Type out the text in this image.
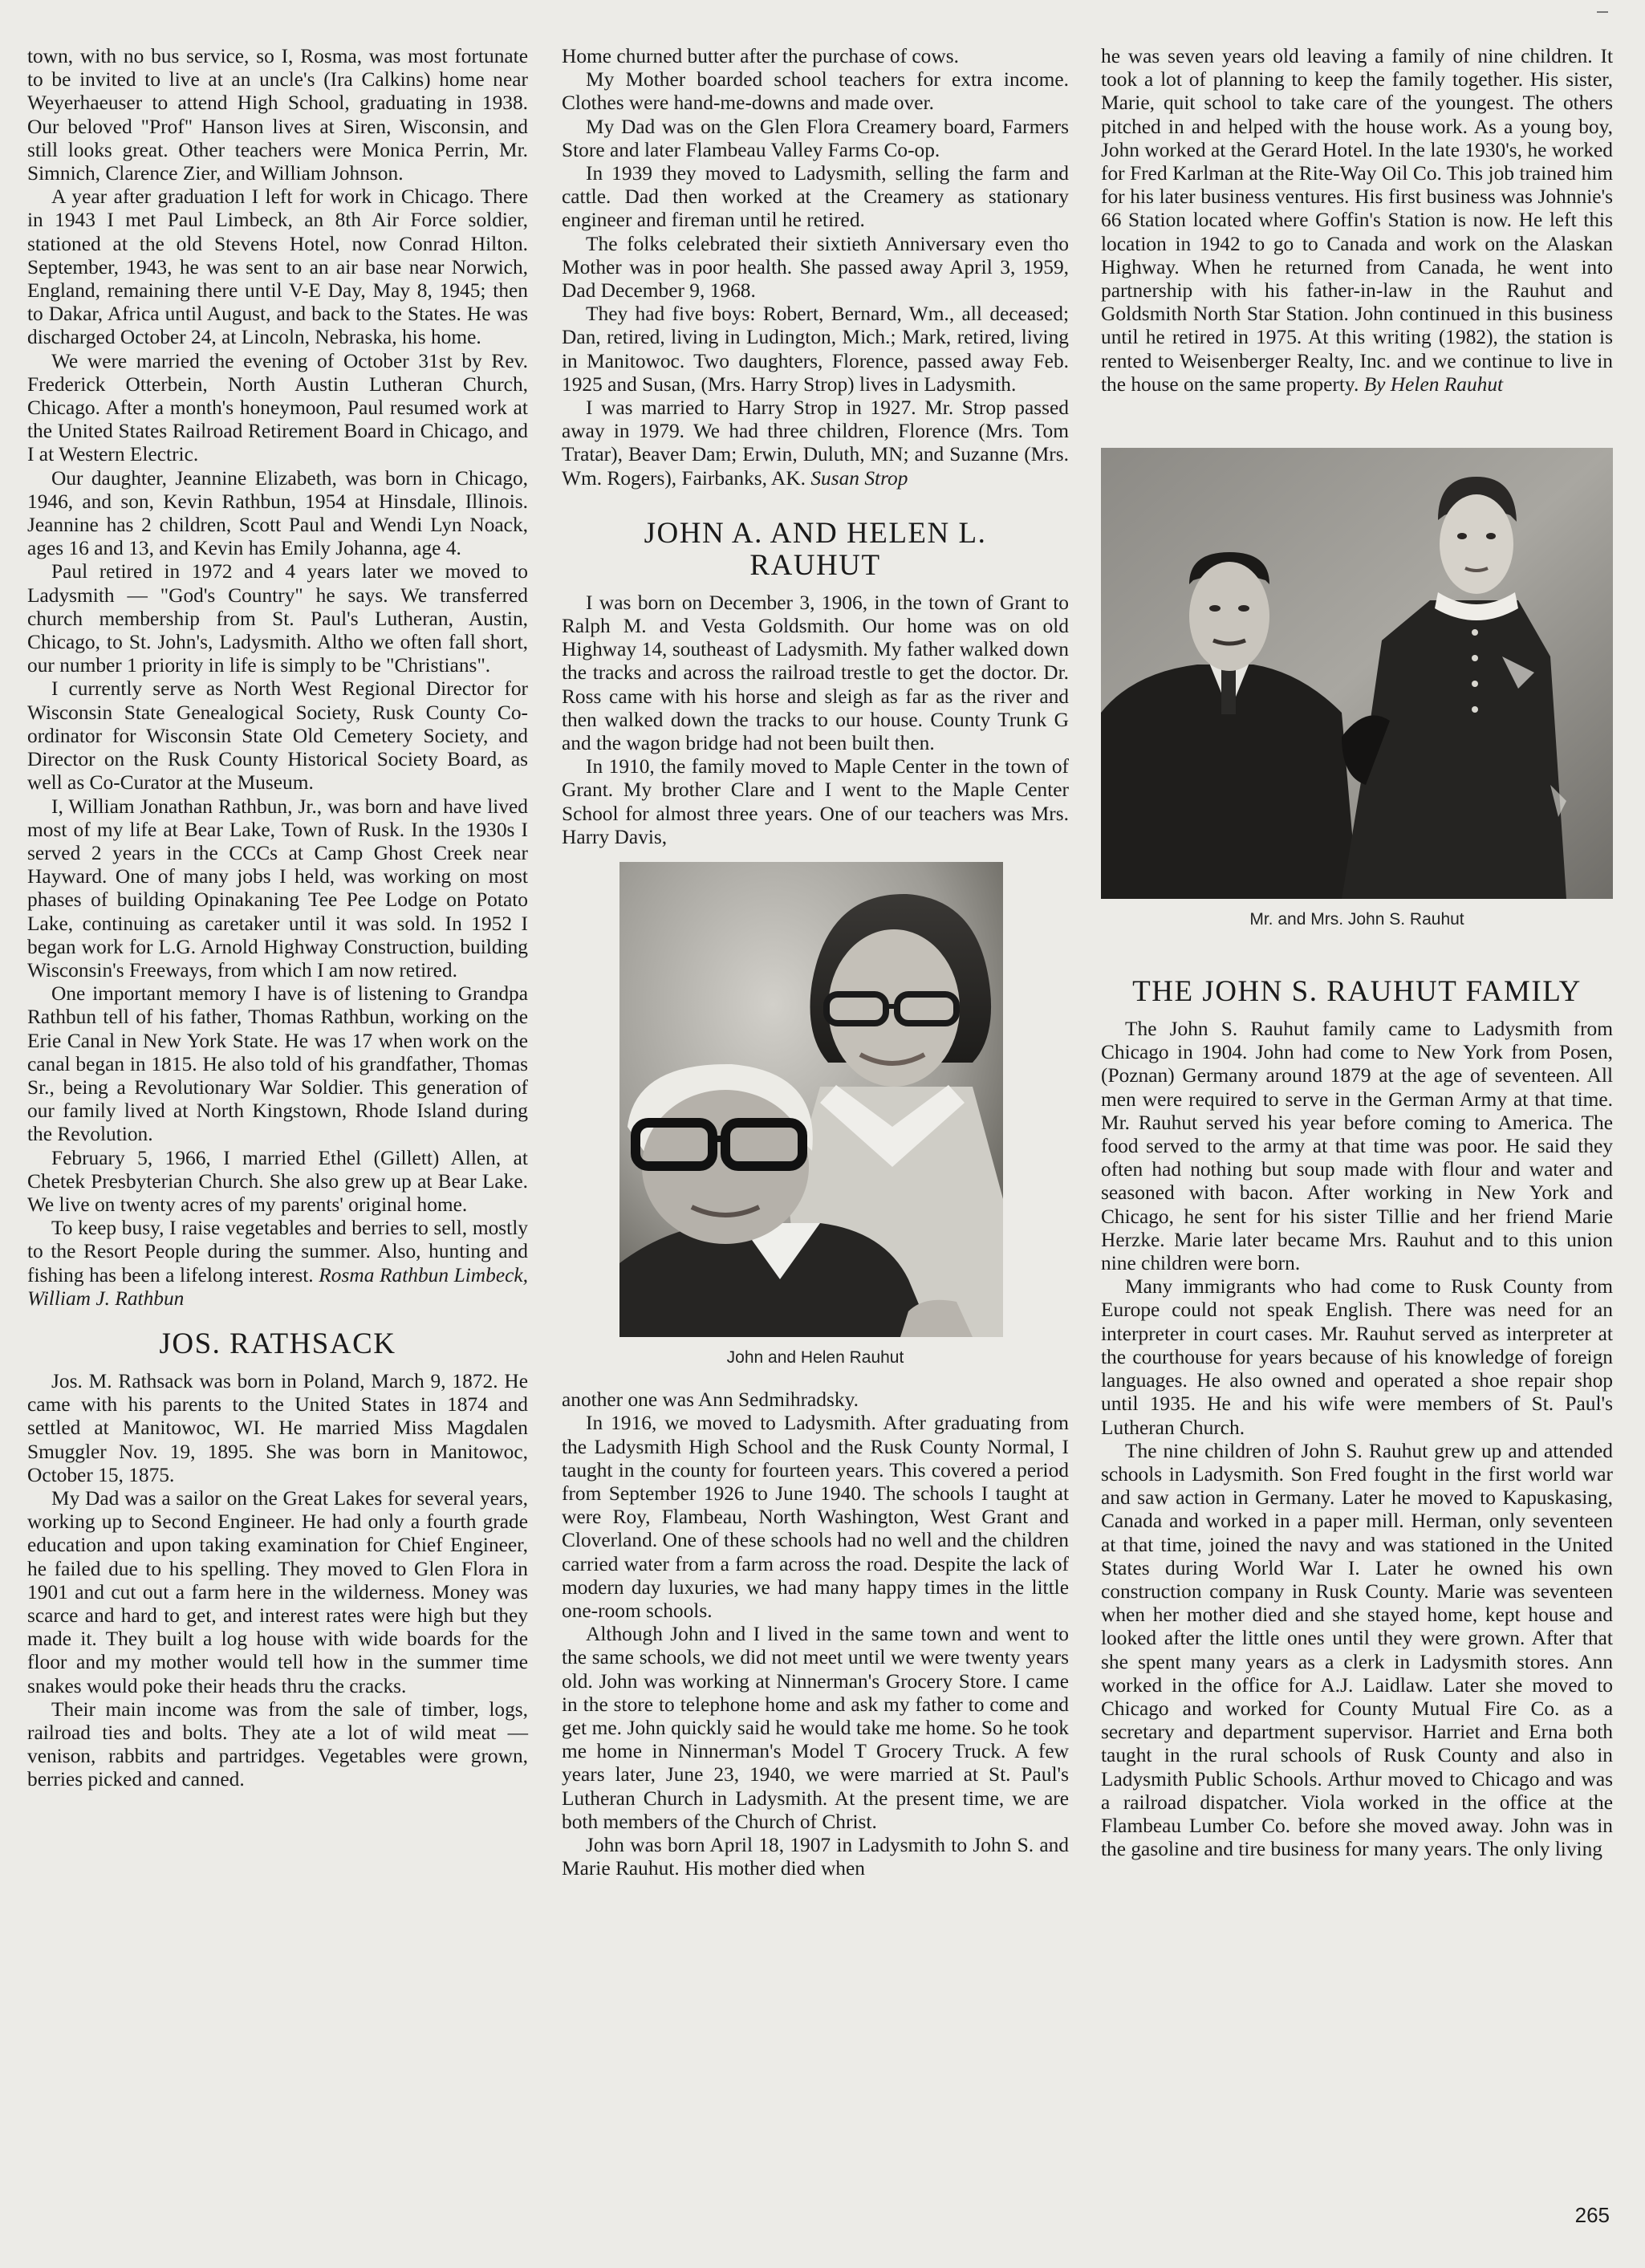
town, with no bus service, so I, Rosma, was most fortunate to be invited to live at an uncle's (Ira Calkins) home near Weyerhaeuser to attend High School, graduating in 1938. Our beloved "Prof" Hanson lives at Siren, Wisconsin, and still looks great. Other teachers were Monica Perrin, Mr. Simnich, Clarence Zier, and William Johnson.

A year after graduation I left for work in Chicago. There in 1943 I met Paul Limbeck, an 8th Air Force soldier, stationed at the old Stevens Hotel, now Conrad Hilton. September, 1943, he was sent to an air base near Norwich, England, remaining there until V-E Day, May 8, 1945; then to Dakar, Africa until August, and back to the States. He was discharged October 24, at Lincoln, Nebraska, his home.

We were married the evening of October 31st by Rev. Frederick Otterbein, North Austin Lutheran Church, Chicago. After a month's honeymoon, Paul resumed work at the United States Railroad Retirement Board in Chicago, and I at Western Electric.

Our daughter, Jeannine Elizabeth, was born in Chicago, 1946, and son, Kevin Rathbun, 1954 at Hinsdale, Illinois. Jeannine has 2 children, Scott Paul and Wendi Lyn Noack, ages 16 and 13, and Kevin has Emily Johanna, age 4.

Paul retired in 1972 and 4 years later we moved to Ladysmith — "God's Country" he says. We transferred church membership from St. Paul's Lutheran, Austin, Chicago, to St. John's, Ladysmith. Altho we often fall short, our number 1 priority in life is simply to be "Christians".

I currently serve as North West Regional Director for Wisconsin State Genealogical Society, Rusk County Co-ordinator for Wisconsin State Old Cemetery Society, and Director on the Rusk County Historical Society Board, as well as Co-Curator at the Museum.

I, William Jonathan Rathbun, Jr., was born and have lived most of my life at Bear Lake, Town of Rusk. In the 1930s I served 2 years in the CCCs at Camp Ghost Creek near Hayward. One of many jobs I held, was working on most phases of building Opinakaning Tee Pee Lodge on Potato Lake, continuing as caretaker until it was sold. In 1952 I began work for L.G. Arnold Highway Construction, building Wisconsin's Freeways, from which I am now retired.

One important memory I have is of listening to Grandpa Rathbun tell of his father, Thomas Rathbun, working on the Erie Canal in New York State. He was 17 when work on the canal began in 1815. He also told of his grandfather, Thomas Sr., being a Revolutionary War Soldier. This generation of our family lived at North Kingstown, Rhode Island during the Revolution.

February 5, 1966, I married Ethel (Gillett) Allen, at Chetek Presbyterian Church. She also grew up at Bear Lake. We live on twenty acres of my parents' original home.

To keep busy, I raise vegetables and berries to sell, mostly to the Resort People during the summer. Also, hunting and fishing has been a lifelong interest. Rosma Rathbun Limbeck, William J. Rathbun

JOS. RATHSACK

Jos. M. Rathsack was born in Poland, March 9, 1872. He came with his parents to the United States in 1874 and settled at Manitowoc, WI. He married Miss Magdalen Smuggler Nov. 19, 1895. She was born in Manitowoc, October 15, 1875.

My Dad was a sailor on the Great Lakes for several years, working up to Second Engineer. He had only a fourth grade education and upon taking examination for Chief Engineer, he failed due to his spelling. They moved to Glen Flora in 1901 and cut out a farm here in the wilderness. Money was scarce and hard to get, and interest rates were high but they made it. They built a log house with wide boards for the floor and my mother would tell how in the summer time snakes would poke their heads thru the cracks.

Their main income was from the sale of timber, logs, railroad ties and bolts. They ate a lot of wild meat — venison, rabbits and partridges. Vegetables were grown, berries picked and canned.

Home churned butter after the purchase of cows.

My Mother boarded school teachers for extra income. Clothes were hand-me-downs and made over.

My Dad was on the Glen Flora Creamery board, Farmers Store and later Flambeau Valley Farms Co-op.

In 1939 they moved to Ladysmith, selling the farm and cattle. Dad then worked at the Creamery as stationary engineer and fireman until he retired.

The folks celebrated their sixtieth Anniversary even tho Mother was in poor health. She passed away April 3, 1959, Dad December 9, 1968.

They had five boys: Robert, Bernard, Wm., all deceased; Dan, retired, living in Ludington, Mich.; Mark, retired, living in Manitowoc. Two daughters, Florence, passed away Feb. 1925 and Susan, (Mrs. Harry Strop) lives in Ladysmith.

I was married to Harry Strop in 1927. Mr. Strop passed away in 1979. We had three children, Florence (Mrs. Tom Tratar), Beaver Dam; Erwin, Duluth, MN; and Suzanne (Mrs. Wm. Rogers), Fairbanks, AK. Susan Strop

JOHN A. AND HELEN L.
RAUHUT

I was born on December 3, 1906, in the town of Grant to Ralph M. and Vesta Goldsmith. Our home was on old Highway 14, southeast of Ladysmith. My father walked down the tracks and across the railroad trestle to get the doctor. Dr. Ross came with his horse and sleigh as far as the river and then walked down the tracks to our house. County Trunk G and the wagon bridge had not been built then.

In 1910, the family moved to Maple Center in the town of Grant. My brother Clare and I went to the Maple Center School for almost three years. One of our teachers was Mrs. Harry Davis,

John and Helen Rauhut

another one was Ann Sedmihradsky.

In 1916, we moved to Ladysmith. After graduating from the Ladysmith High School and the Rusk County Normal, I taught in the county for fourteen years. This covered a period from September 1926 to June 1940. The schools I taught at were Roy, Flambeau, North Washington, West Grant and Cloverland. One of these schools had no well and the children carried water from a farm across the road. Despite the lack of modern day luxuries, we had many happy times in the little one-room schools.

Although John and I lived in the same town and went to the same schools, we did not meet until we were twenty years old. John was working at Ninnerman's Grocery Store. I came in the store to telephone home and ask my father to come and get me. John quickly said he would take me home. So he took me home in Ninnerman's Model T Grocery Truck. A few years later, June 23, 1940, we were married at St. Paul's Lutheran Church in Ladysmith. At the present time, we are both members of the Church of Christ.

John was born April 18, 1907 in Ladysmith to John S. and Marie Rauhut. His mother died when

he was seven years old leaving a family of nine children. It took a lot of planning to keep the family together. His sister, Marie, quit school to take care of the youngest. The others pitched in and helped with the house work. As a young boy, John worked at the Gerard Hotel. In the late 1930's, he worked for Fred Karlman at the Rite-Way Oil Co. This job trained him for his later business ventures. His first business was Johnnie's 66 Station located where Goffin's Station is now. He left this location in 1942 to go to Canada and work on the Alaskan Highway. When he returned from Canada, he went into partnership with his father-in-law in the Rauhut and Goldsmith North Star Station. John continued in this business until he retired in 1975. At this writing (1982), the station is rented to Weisenberger Realty, Inc. and we continue to live in the house on the same property. By Helen Rauhut

Mr. and Mrs. John S. Rauhut
THE JOHN S. RAUHUT FAMILY

The John S. Rauhut family came to Ladysmith from Chicago in 1904. John had come to New York from Posen, (Poznan) Germany around 1879 at the age of seventeen. All men were required to serve in the German Army at that time. Mr. Rauhut served his year before coming to America. The food served to the army at that time was poor. He said they often had nothing but soup made with flour and water and seasoned with bacon. After working in New York and Chicago, he sent for his sister Tillie and her friend Marie Herzke. Marie later became Mrs. Rauhut and to this union nine children were born.

Many immigrants who had come to Rusk County from Europe could not speak English. There was need for an interpreter in court cases. Mr. Rauhut served as interpreter at the courthouse for years because of his knowledge of foreign languages. He also owned and operated a shoe repair shop until 1935. He and his wife were members of St. Paul's Lutheran Church.

The nine children of John S. Rauhut grew up and attended schools in Ladysmith. Son Fred fought in the first world war and saw action in Germany. Later he moved to Kapuskasing, Canada and worked in a paper mill. Herman, only seventeen at that time, joined the navy and was stationed in the United States during World War I. Later he owned his own construction company in Rusk County. Marie was seventeen when her mother died and she stayed home, kept house and looked after the little ones until they were grown. After that she spent many years as a clerk in Ladysmith stores. Ann worked in the office for A.J. Laidlaw. Later she moved to Chicago and worked for County Mutual Fire Co. as a secretary and department supervisor. Harriet and Erna both taught in the rural schools of Rusk County and also in Ladysmith Public Schools. Arthur moved to Chicago and was a railroad dispatcher. Viola worked in the office at the Flambeau Lumber Co. before she moved away. John was in the gasoline and tire business for many years. The only living

265
